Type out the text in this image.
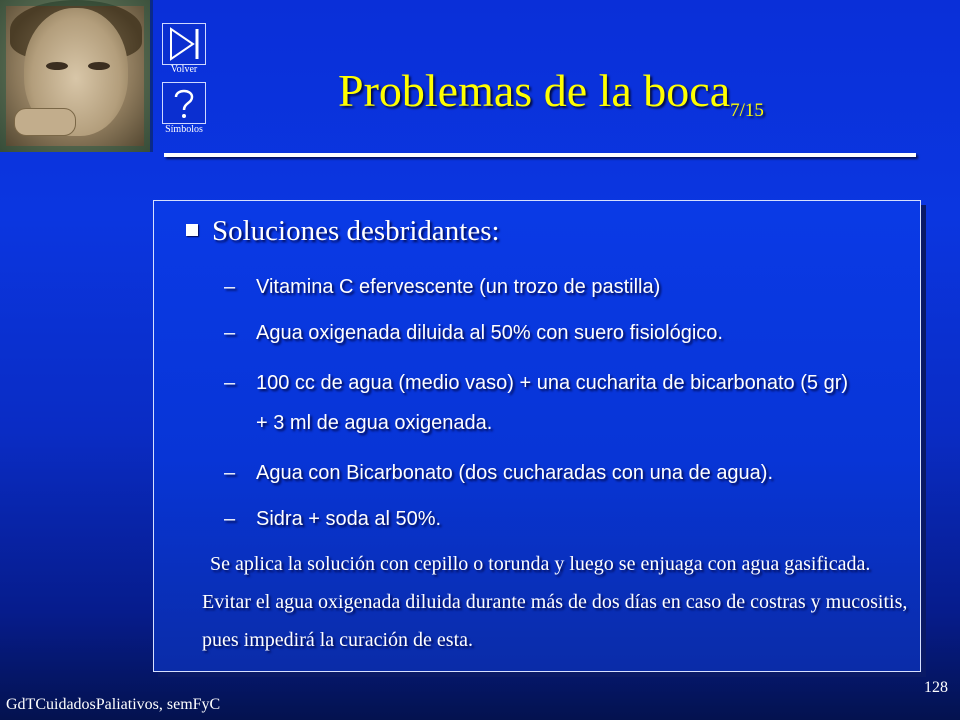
Volver
Símbolos
Problemas de la boca$_{7/15}$
Soluciones desbridantes:
– Vitamina C efervescente (un trozo de pastilla)
– Agua oxigenada diluida al 50% con suero fisiológico.
– 100 cc de agua (medio vaso) + una cucharita de bicarbonato (5 gr)
+ 3 ml de agua oxigenada.
– Agua con Bicarbonato (dos cucharadas con una de agua).
– Sidra + soda al 50%.
Se aplica la solución con cepillo o torunda y luego se enjuaga con agua gasificada. Evitar el agua oxigenada diluida durante más de dos días en caso de costras y mucositis, pues impedirá la curación de esta.
GdTCuidadosPaliativos, semFyC
128
